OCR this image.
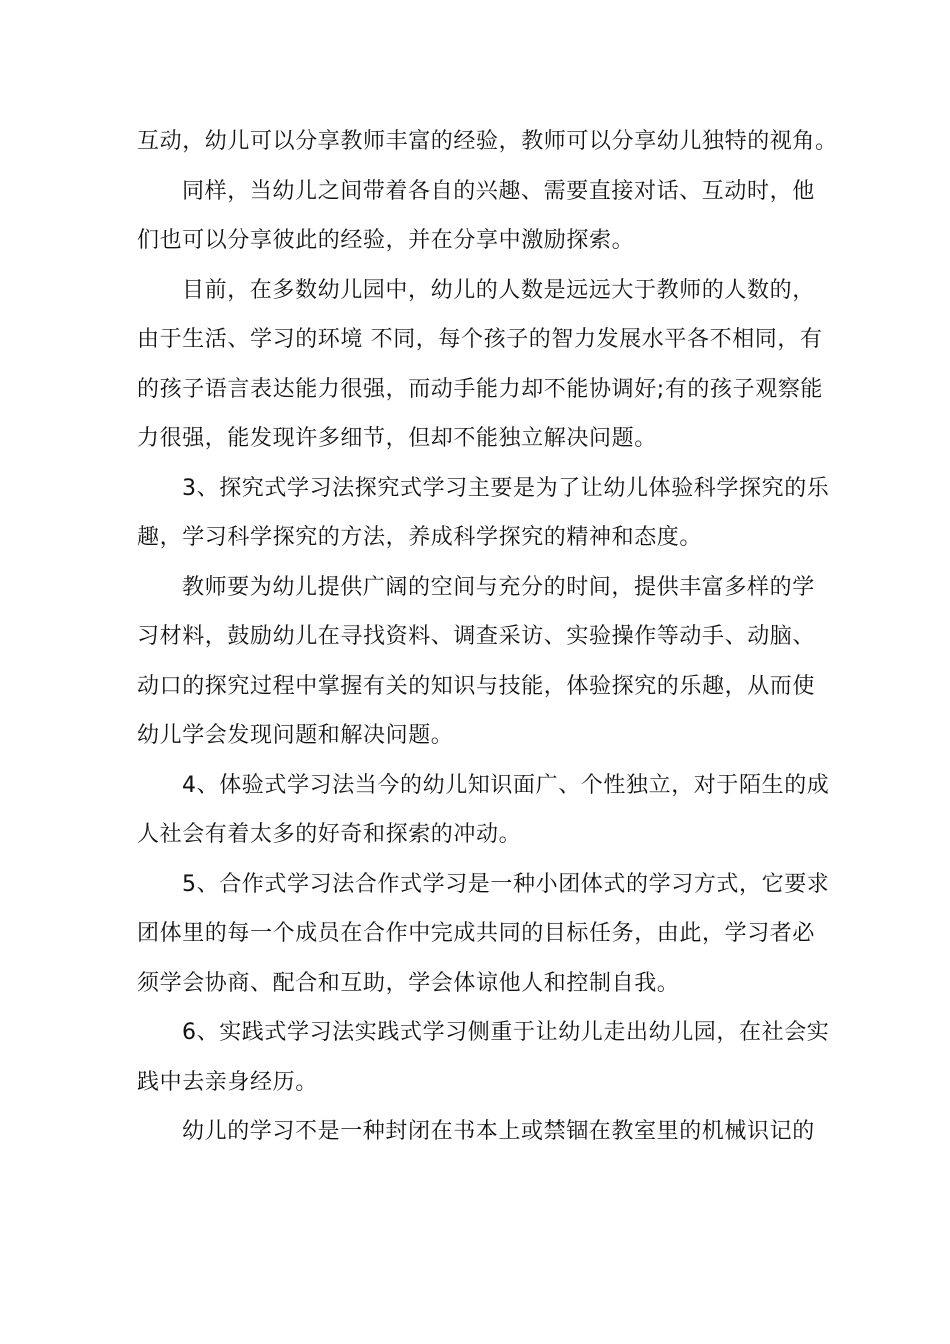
互动，幼儿可以分享教师丰富的经验，教师可以分享幼儿独特的视角。
同样，当幼儿之间带着各自的兴趣、需要直接对话、互动时，他
们也可以分享彼此的经验，并在分享中激励探索。
目前，在多数幼儿园中，幼儿的人数是远远大于教师的人数的，
由于生活、学习的环境 不同，每个孩子的智力发展水平各不相同，有
的孩子语言表达能力很强，而动手能力却不能协调好;有的孩子观察能
力很强，能发现许多细节，但却不能独立解决问题。
3、探究式学习法探究式学习主要是为了让幼儿体验科学探究的乐
趣，学习科学探究的方法，养成科学探究的精神和态度。
教师要为幼儿提供广阔的空间与充分的时间，提供丰富多样的学
习材料，鼓励幼儿在寻找资料、调查采访、实验操作等动手、动脑、
动口的探究过程中掌握有关的知识与技能，体验探究的乐趣，从而使
幼儿学会发现问题和解决问题。
4、体验式学习法当今的幼儿知识面广、个性独立，对于陌生的成
人社会有着太多的好奇和探索的冲动。
5、合作式学习法合作式学习是一种小团体式的学习方式，它要求
团体里的每一个成员在合作中完成共同的目标任务，由此，学习者必
须学会协商、配合和互助，学会体谅他人和控制自我。
6、实践式学习法实践式学习侧重于让幼儿走出幼儿园，在社会实
践中去亲身经历。
幼儿的学习不是一种封闭在书本上或禁锢在教室里的机械识记的
